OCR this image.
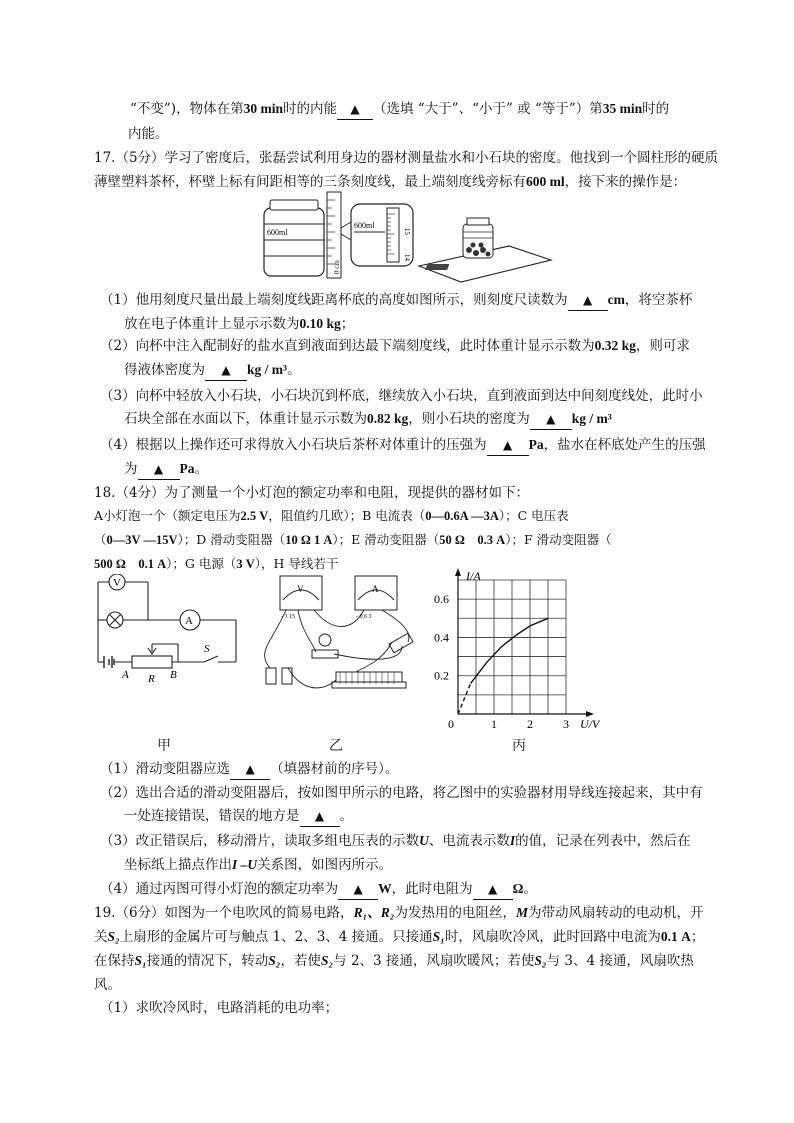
“不变”)，物体在第30 min时的内能 ▲ （选填 “大于”、“小于” 或 “等于”）第35 min时的
内能。
17.（5分）学习了密度后，张磊尝试利用身边的器材测量盐水和小石块的密度。他找到一个圆柱形的硬质
薄壁塑料茶杯，杯壁上标有间距相等的三条刻度线，最上端刻度线旁标有600 ml，接下来的操作是：
600ml
0 cm
600ml
15
14
（1）他用刻度尺量出最上端刻度线距离杯底的高度如图所示，则刻度尺读数为 ▲ cm，将空茶杯
放在电子体重计上显示示数为0.10 kg；
（2）向杯中注入配制好的盐水直到液面到达最下端刻度线，此时体重计显示示数为0.32 kg，则可求
得液体密度为 ▲ kg / m³。
（3）向杯中轻放入小石块，小石块沉到杯底，继续放入小石块，直到液面到达中间刻度线处，此时小
石块全部在水面以下，体重计显示示数为0.82 kg，则小石块的密度为 ▲ kg / m³
（4）根据以上操作还可求得放入小石块后茶杯对体重计的压强为 ▲ Pa，盐水在杯底处产生的压强
为 ▲ Pa。
18.（4分）为了测量一个小灯泡的额定功率和电阻，现提供的器材如下：
A小灯泡一个（额定电压为2.5 V，阻值约几欧）；B 电流表（0—0.6A —3A）；C 电压表
（0—3V —15V）；D 滑动变阻器（10 Ω 1 A）；E 滑动变阻器（50 Ω　0.3 A）；F 滑动变阻器（
500 Ω　0.1 A）；G 电源（3 V），H 导线若干
V
A
A R B
S
V	A
- 3 15	- 0.6 3
0	1	2	3
0.2
0.4
0.6
U/V
I/A
甲	乙	丙
（1）滑动变阻器应选 ▲ （填器材前的序号）。
（2）选出合适的滑动变阻器后，按如图甲所示的电路，将乙图中的实验器材用导线连接起来，其中有
一处连接错误，错误的地方是 ▲ 。
（3）改正错误后，移动滑片，读取多组电压表的示数U、电流表示数I的值，记录在列表中，然后在
坐标纸上描点作出I –U关系图，如图丙所示。
（4）通过丙图可得小灯泡的额定功率为 ▲ W，此时电阻为 ▲ Ω。
19.（6分）如图为一个电吹风的简易电路，R₁、R₂为发热用的电阻丝，M为带动风扇转动的电动机，开
关S₂上扇形的金属片可与触点 1、2、3、4 接通。只接通S₁时，风扇吹冷风，此时回路中电流为0.1 A；
在保持S₁接通的情况下，转动S₂，若使S₂与 2、3 接通，风扇吹暖风；若使S₂与 3、4 接通，风扇吹热
风。
（1）求吹冷风时，电路消耗的电功率；
